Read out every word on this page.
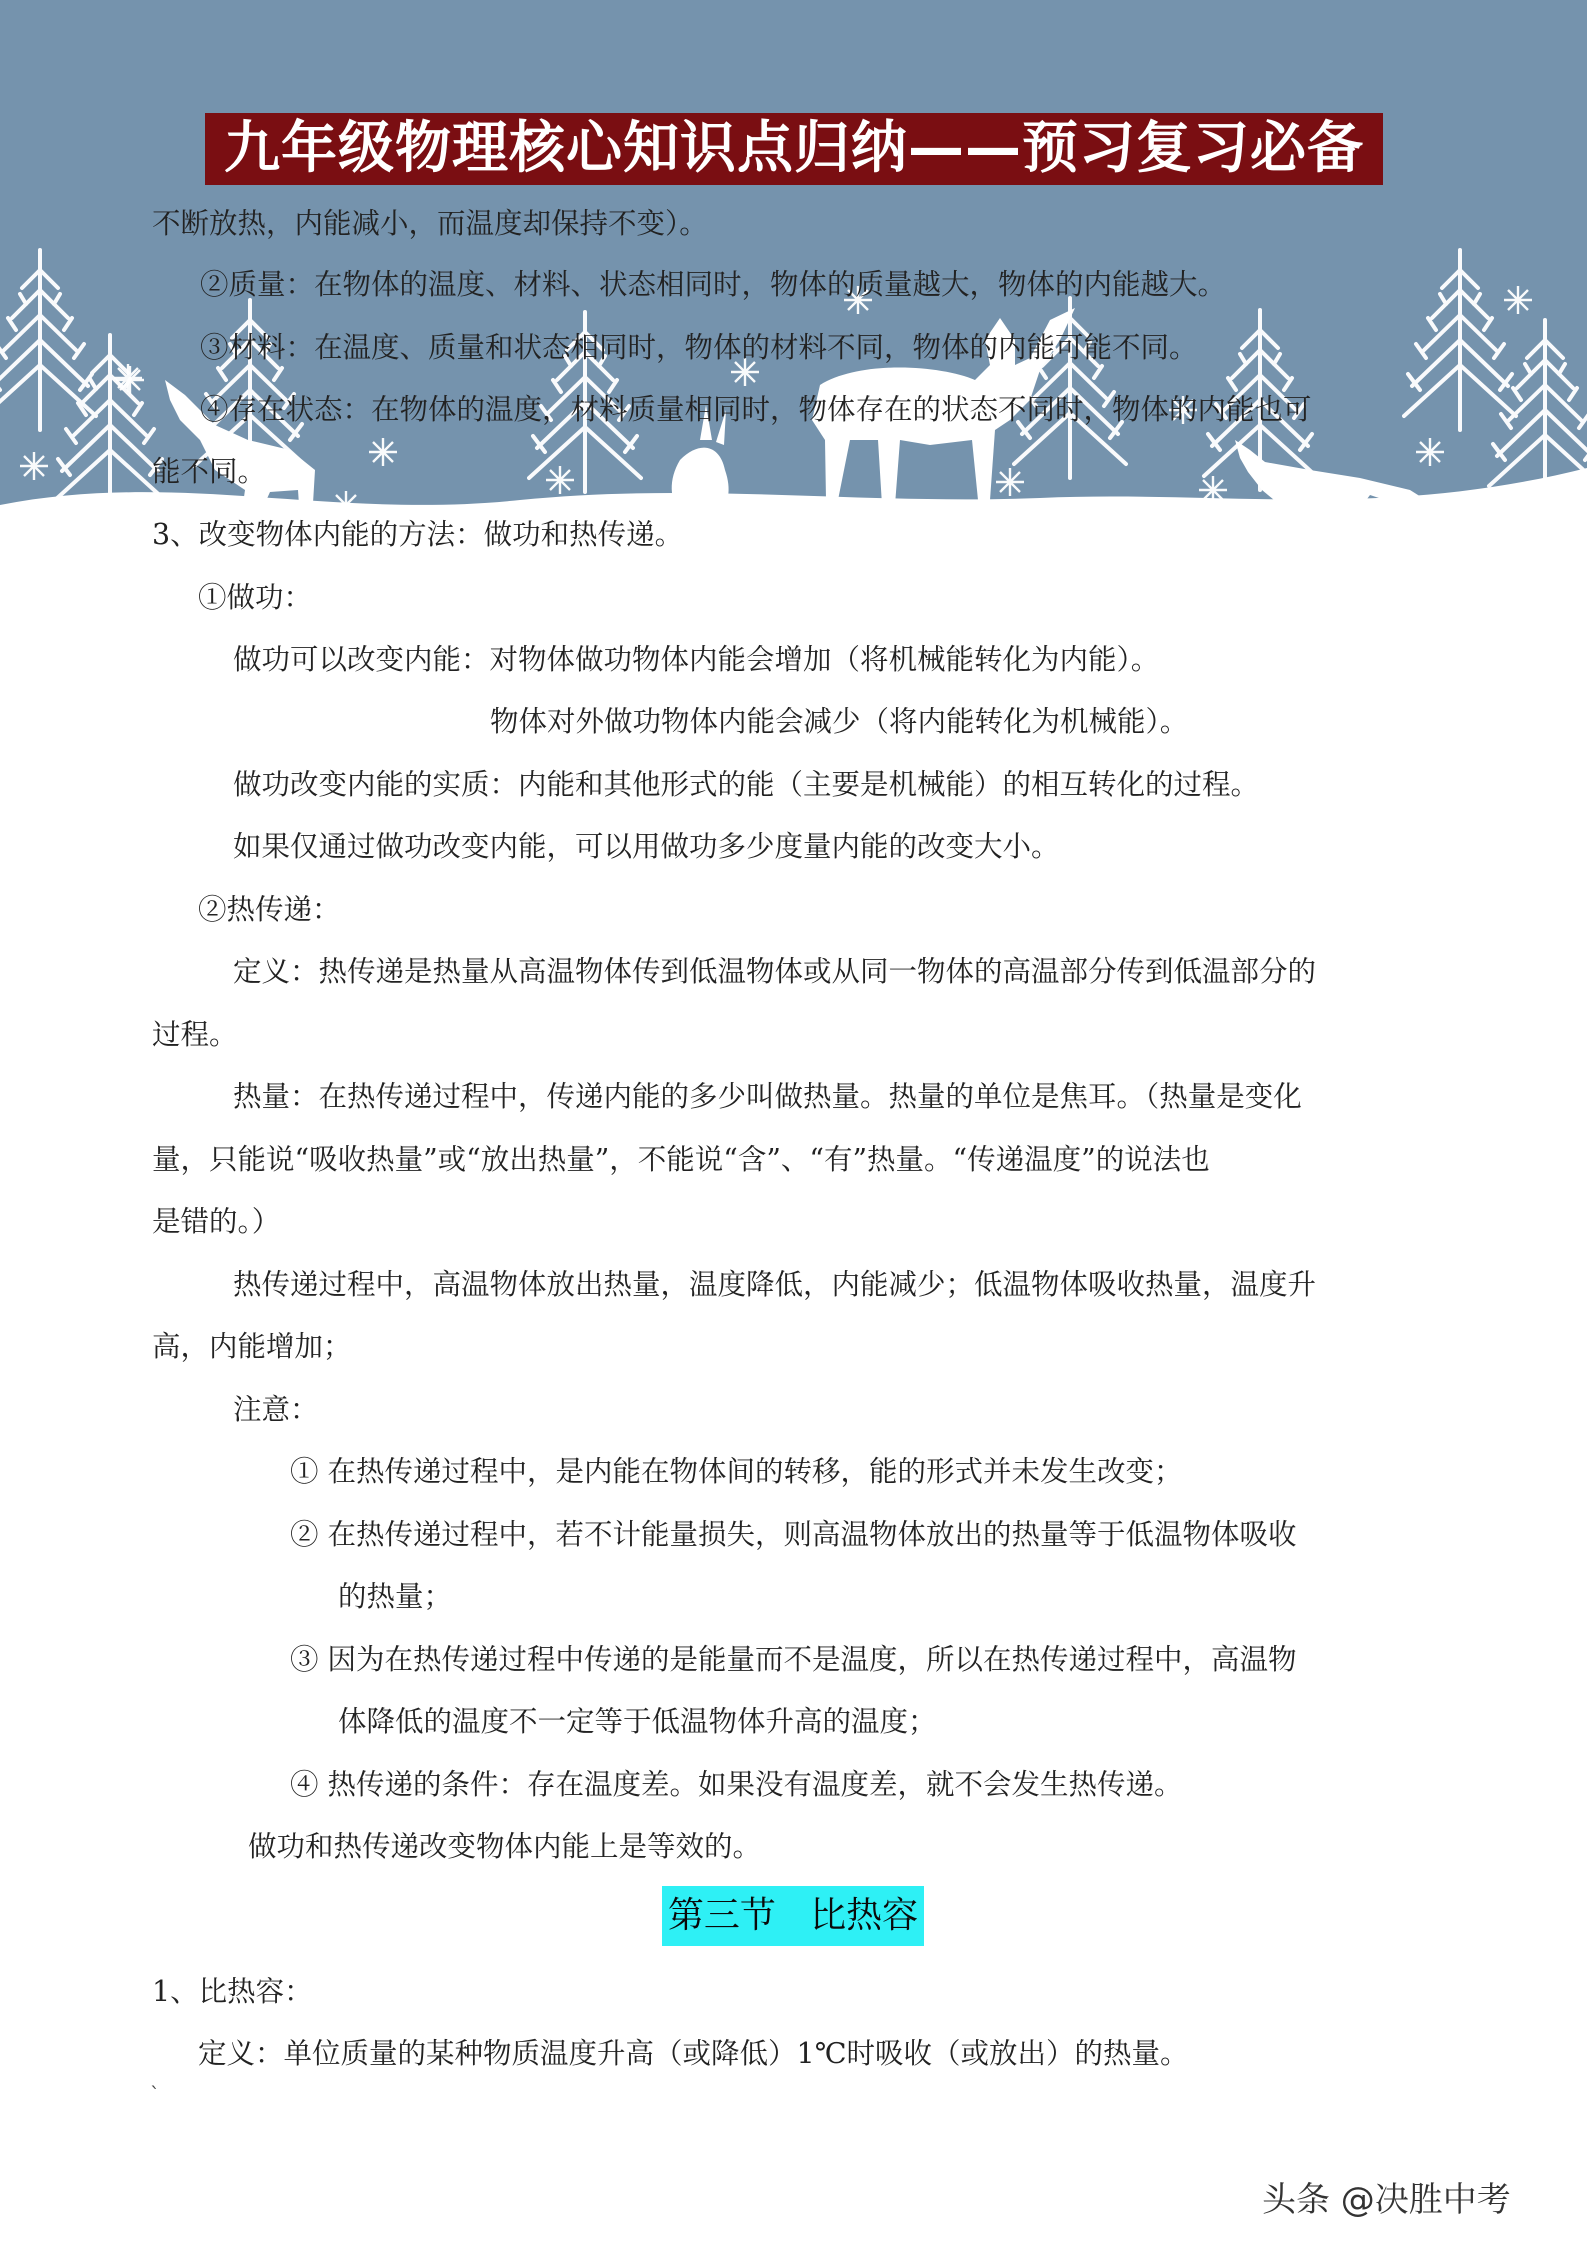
九年级物理核心知识点归纳——预习复习必备
不断放热，内能减小，而温度却保持不变）。
②质量：在物体的温度、材料、状态相同时，物体的质量越大，物体的内能越大。
③材料：在温度、质量和状态相同时，物体的材料不同，物体的内能可能不同。
④存在状态：在物体的温度，材料质量相同时，物体存在的状态不同时，物体的内能也可
能不同。
3、改变物体内能的方法：做功和热传递。
①做功：
做功可以改变内能：对物体做功物体内能会增加（将机械能转化为内能）。
物体对外做功物体内能会减少（将内能转化为机械能）。
做功改变内能的实质：内能和其他形式的能（主要是机械能）的相互转化的过程。
如果仅通过做功改变内能，可以用做功多少度量内能的改变大小。
②热传递：
定义：热传递是热量从高温物体传到低温物体或从同一物体的高温部分传到低温部分的
过程。
热量：在热传递过程中，传递内能的多少叫做热量。热量的单位是焦耳。（热量是变化
量，只能说“吸收热量”或“放出热量”，不能说“含”、“有”热量。“传递温度”的说法也
是错的。）
热传递过程中，高温物体放出热量，温度降低，内能减少；低温物体吸收热量，温度升
高，内能增加；
注意：
① 在热传递过程中，是内能在物体间的转移，能的形式并未发生改变；
② 在热传递过程中，若不计能量损失，则高温物体放出的热量等于低温物体吸收
的热量；
③ 因为在热传递过程中传递的是能量而不是温度，所以在热传递过程中，高温物
体降低的温度不一定等于低温物体升高的温度；
④ 热传递的条件：存在温度差。如果没有温度差，就不会发生热传递。
做功和热传递改变物体内能上是等效的。
第三节   比热容
1、比热容：
定义：单位质量的某种物质温度升高（或降低）1℃时吸收（或放出）的热量。
`
头条 @决胜中考
